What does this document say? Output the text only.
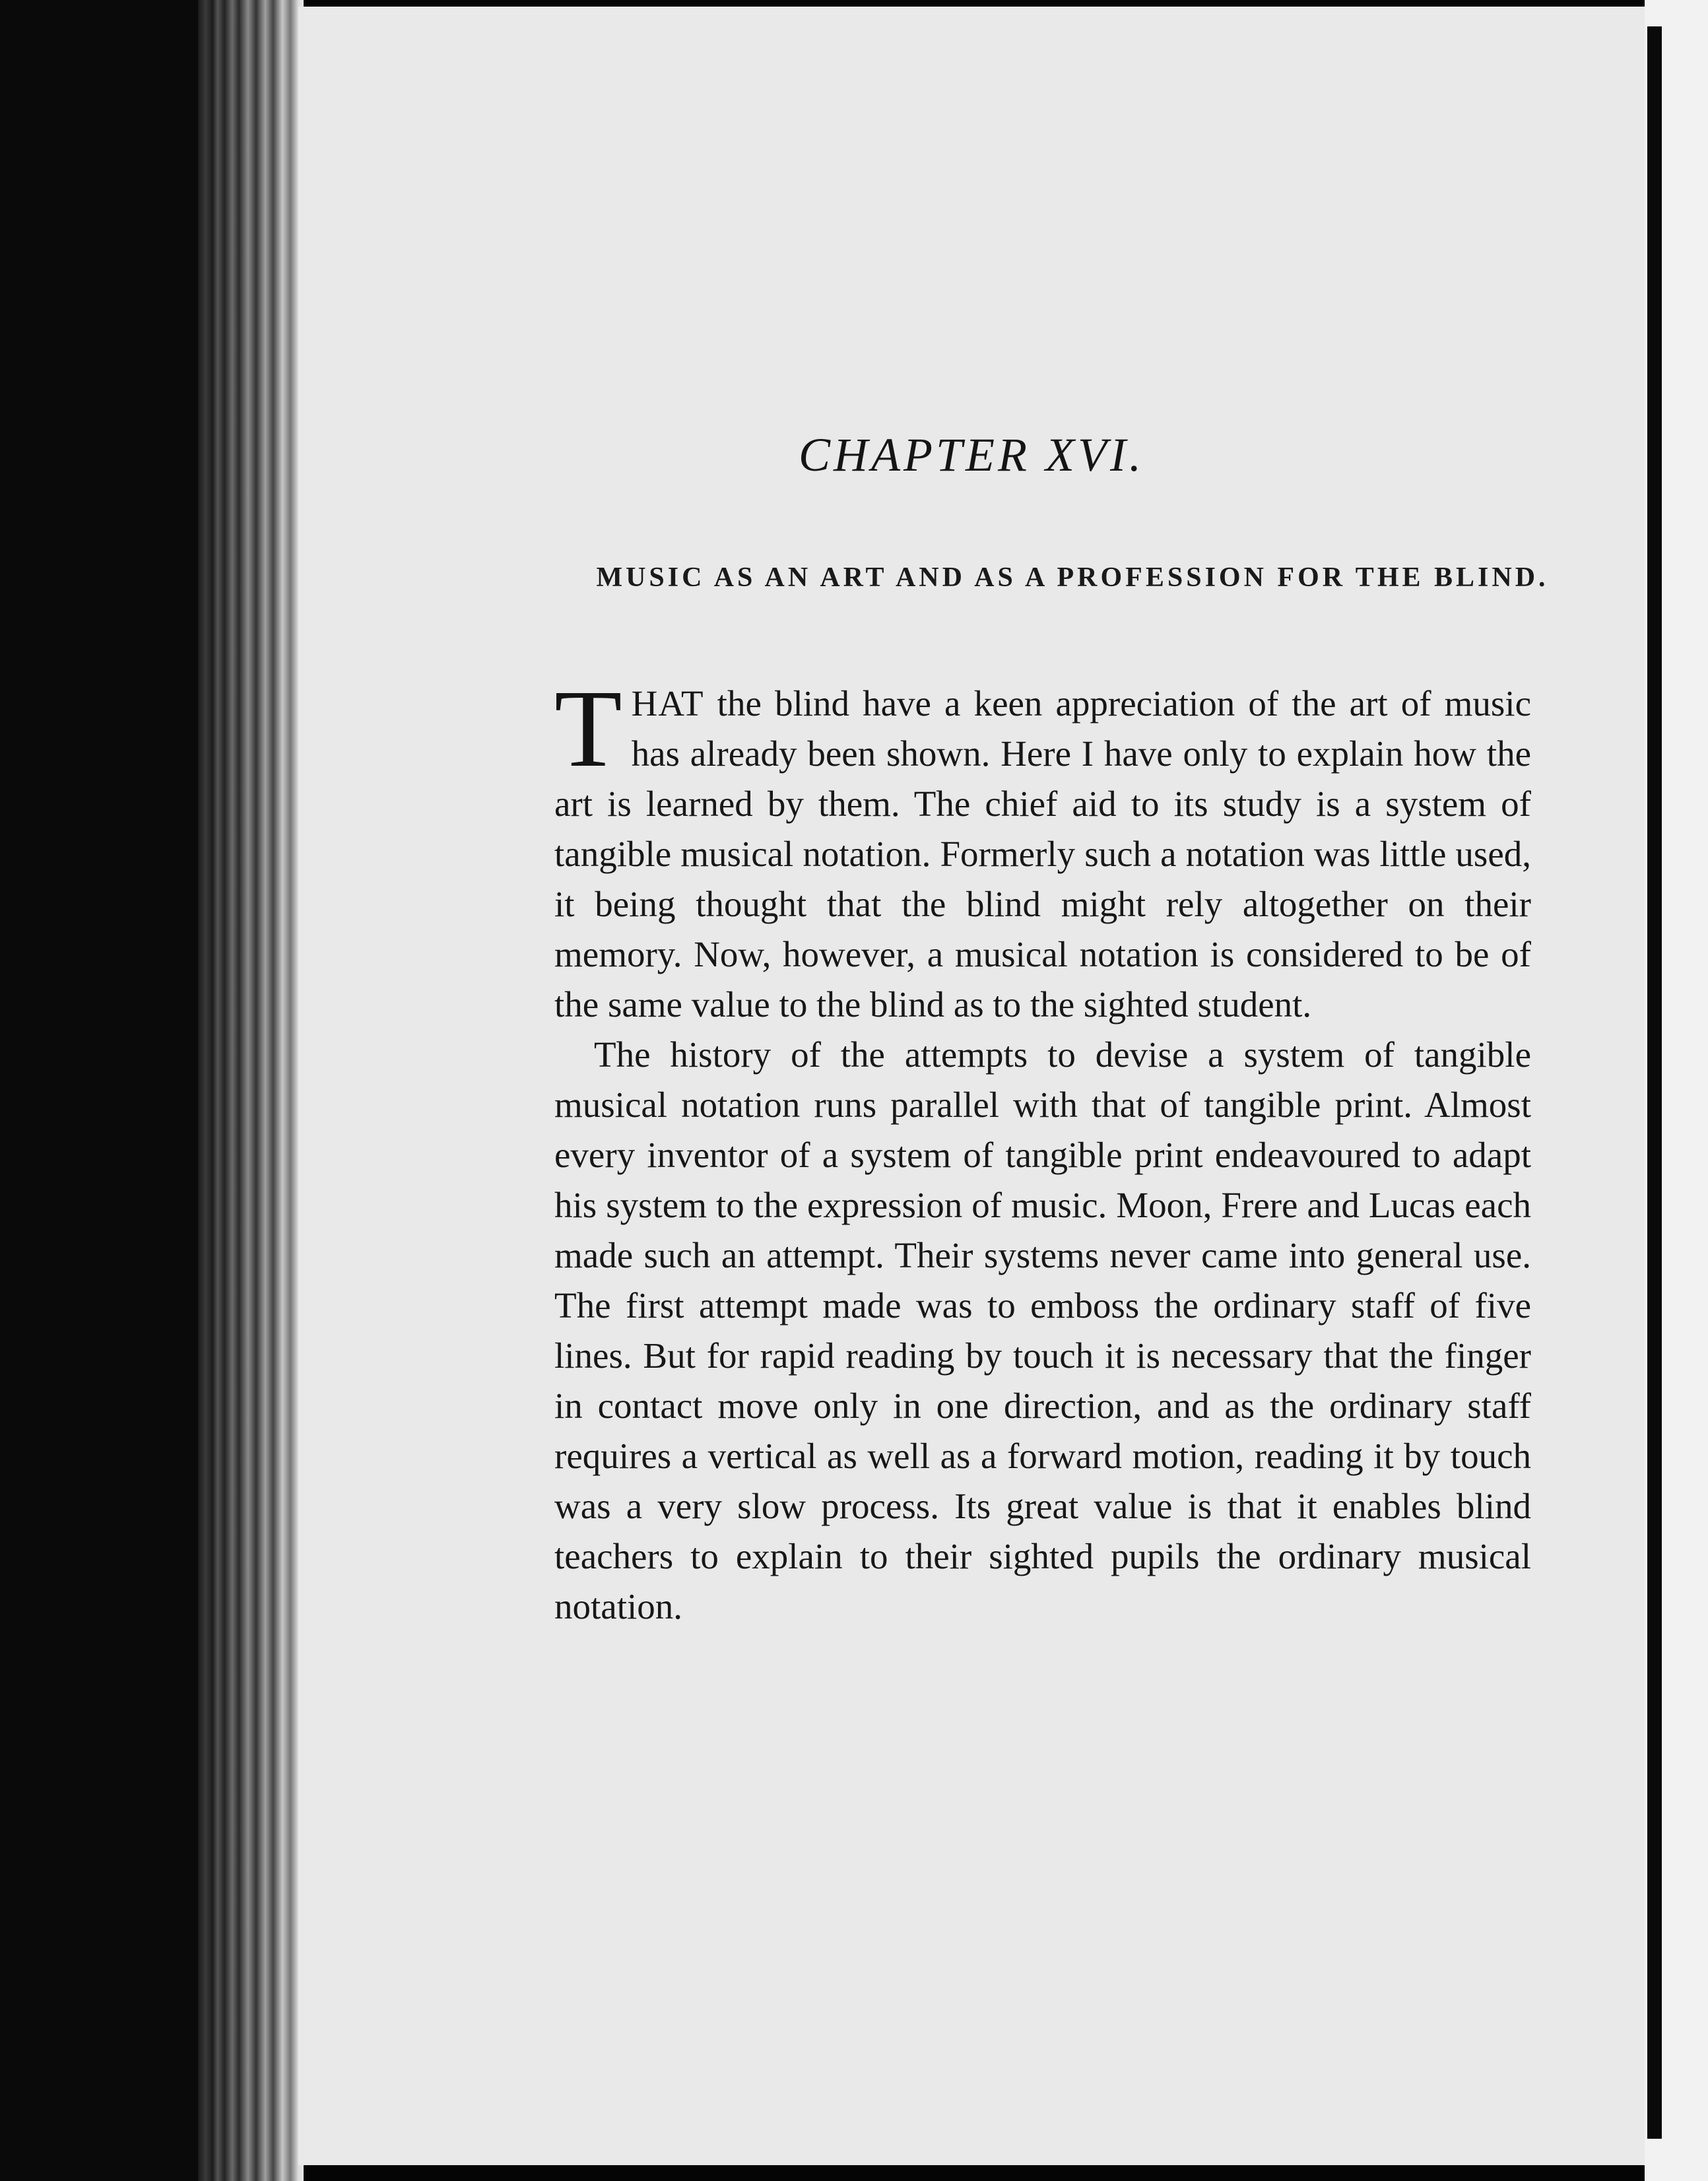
CHAPTER XVI.
MUSIC AS AN ART AND AS A PROFESSION FOR THE BLIND.

THAT the blind have a keen appreciation of the art of music has already been shown. Here I have only to explain how the art is learned by them. The chief aid to its study is a system of tangible musical notation. Formerly such a notation was little used, it being thought that the blind might rely altogether on their memory. Now, however, a musical notation is considered to be of the same value to the blind as to the sighted student.

The history of the attempts to devise a system of tangible musical notation runs parallel with that of tangible print. Almost every inventor of a system of tangible print endeavoured to adapt his system to the expression of music. Moon, Frere and Lucas each made such an attempt. Their systems never came into general use. The first attempt made was to emboss the ordinary staff of five lines. But for rapid reading by touch it is necessary that the finger in contact move only in one direction, and as the ordinary staff requires a vertical as well as a forward motion, reading it by touch was a very slow process. Its great value is that it enables blind teachers to explain to their sighted pupils the ordinary musical notation.
